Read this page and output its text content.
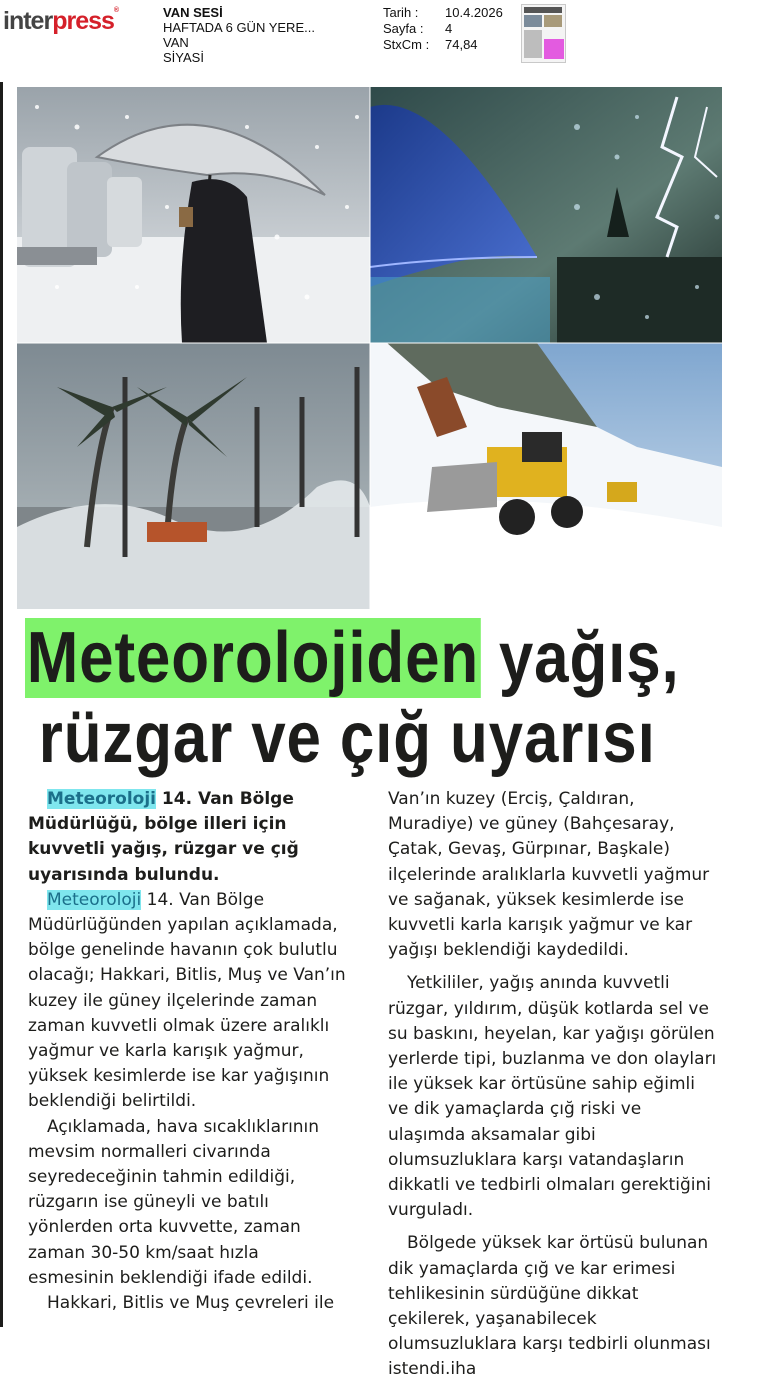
interpress®	VAN SESİ
HAFTADA 6 GÜN YERE...
VAN
SİYASİ
Tarih :	10.4.2026
Sayfa :	4
StxCm :	74,84
Meteorolojiden yağış,
rüzgar ve çığ uyarısı

Meteoroloji 14. Van Bölge Müdürlüğü, bölge illeri için kuvvetli yağış, rüzgar ve çığ uyarısında bulundu.

Meteoroloji 14. Van Bölge Müdürlüğünden yapılan açıklamada, bölge genelinde havanın çok bulutlu olacağı; Hakkari, Bitlis, Muş ve Van’ın kuzey ile güney ilçelerinde zaman zaman kuvvetli olmak üzere aralıklı yağmur ve karla karışık yağmur, yüksek kesimlerde ise kar yağışının beklendiği belirtildi.

Açıklamada, hava sıcaklıklarının mevsim normalleri civarında seyredeceğinin tahmin edildiği, rüzgarın ise güneyli ve batılı yönlerden orta kuvvette, zaman zaman 30-50 km/saat hızla esmesinin beklendiği ifade edildi.

Hakkari, Bitlis ve Muş çevreleri ile

Van’ın kuzey (Erciş, Çaldıran, Muradiye) ve güney (Bahçesaray, Çatak, Gevaş, Gürpınar, Başkale) ilçelerinde aralıklarla kuvvetli yağmur ve sağanak, yüksek kesimlerde ise kuvvetli karla karışık yağmur ve kar yağışı beklendiği kaydedildi.

Yetkililer, yağış anında kuvvetli rüzgar, yıldırım, düşük kotlarda sel ve su baskını, heyelan, kar yağışı görülen yerlerde tipi, buzlanma ve don olayları ile yüksek kar örtüsüne sahip eğimli ve dik yamaçlarda çığ riski ve ulaşımda aksamalar gibi olumsuzluklara karşı vatandaşların dikkatli ve tedbirli olmaları gerektiğini vurguladı.

Bölgede yüksek kar örtüsü bulunan dik yamaçlarda çığ ve kar erimesi tehlikesinin sürdüğüne dikkat çekilerek, yaşanabilecek olumsuzluklara karşı tedbirli olunması istendi.iha
